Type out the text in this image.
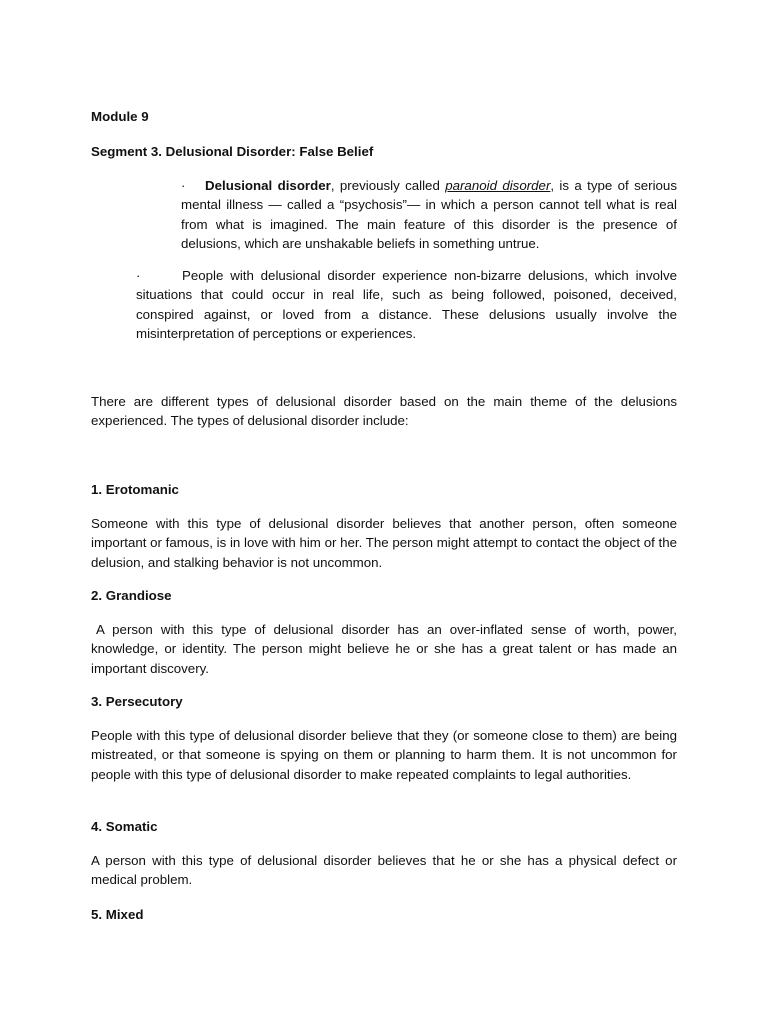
Module 9

Segment 3. Delusional Disorder: False Belief

· Delusional disorder, previously called paranoid disorder, is a type of serious mental illness — called a “psychosis”— in which a person cannot tell what is real from what is imagined. The main feature of this disorder is the presence of delusions, which are unshakable beliefs in something untrue.

·	People with delusional disorder experience non-bizarre delusions, which involve situations that could occur in real life, such as being followed, poisoned, deceived, conspired against, or loved from a distance. These delusions usually involve the misinterpretation of perceptions or experiences.

There are different types of delusional disorder based on the main theme of the delusions experienced. The types of delusional disorder include:

1. Erotomanic

Someone with this type of delusional disorder believes that another person, often someone important or famous, is in love with him or her. The person might attempt to contact the object of the delusion, and stalking behavior is not uncommon.

2. Grandiose

A person with this type of delusional disorder has an over-inflated sense of worth, power, knowledge, or identity. The person might believe he or she has a great talent or has made an important discovery.

3. Persecutory

People with this type of delusional disorder believe that they (or someone close to them) are being mistreated, or that someone is spying on them or planning to harm them. It is not uncommon for people with this type of delusional disorder to make repeated complaints to legal authorities.

4. Somatic

A person with this type of delusional disorder believes that he or she has a physical defect or medical problem.

5. Mixed
